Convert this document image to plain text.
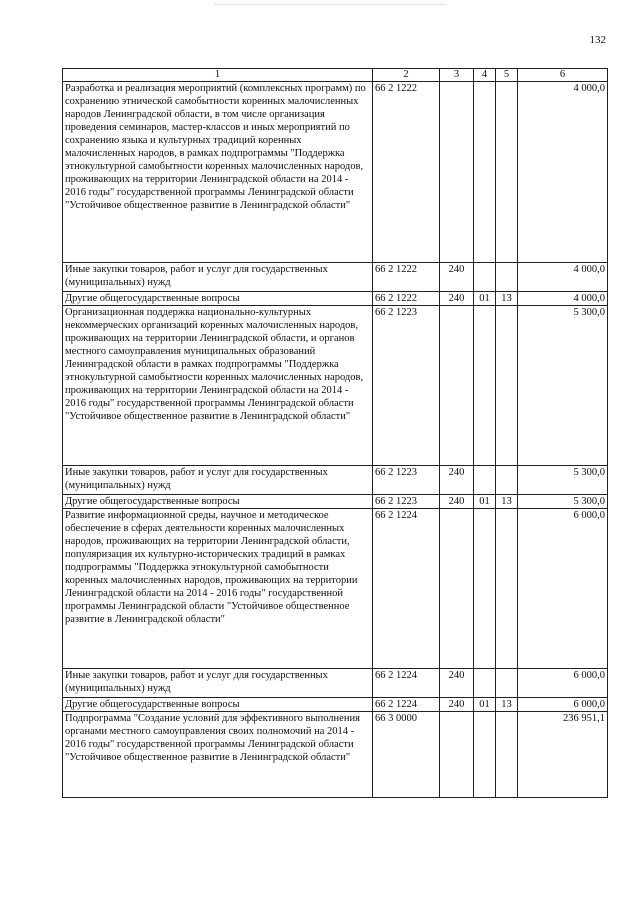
132
1	2	3	4	5	6
Разработка и реализация мероприятий (комплексных программ) по сохранению этнической самобытности коренных малочисленных народов Ленинградской области, в том числе организация проведения семинаров, мастер-классов и иных мероприятий по сохранению языка и культурных традиций коренных малочисленных народов, в рамках подпрограммы "Поддержка этнокультурной самобытности коренных малочисленных народов, проживающих на территории Ленинградской области на 2014 - 2016 годы" государственной программы Ленинградской области "Устойчивое общественное развитие в Ленинградской области"	66 2 1222				4 000,0
Иные закупки товаров, работ и услуг для государственных (муниципальных) нужд	66 2 1222	240			4 000,0
Другие общегосударственные вопросы	66 2 1222	240	01	13	4 000,0
Организационная поддержка национально-культурных некоммерческих организаций коренных малочисленных народов, проживающих на территории Ленинградской области, и органов местного самоуправления муниципальных образований Ленинградской области в рамках подпрограммы "Поддержка этнокультурной самобытности коренных малочисленных народов, проживающих на территории Ленинградской области на 2014 - 2016 годы" государственной программы Ленинградской области "Устойчивое общественное развитие в Ленинградской области"	66 2 1223				5 300,0
Иные закупки товаров, работ и услуг для государственных (муниципальных) нужд	66 2 1223	240			5 300,0
Другие общегосударственные вопросы	66 2 1223	240	01	13	5 300,0
Развитие информационной среды, научное и методическое обеспечение в сферах деятельности коренных малочисленных народов, проживающих на территории Ленинградской области, популяризация их культурно-исторических традиций в рамках подпрограммы "Поддержка этнокультурной самобытности коренных малочисленных народов, проживающих на территории Ленинградской области на 2014 - 2016 годы" государственной программы Ленинградской области "Устойчивое общественное развитие в Ленинградской области"	66 2 1224				6 000,0
Иные закупки товаров, работ и услуг для государственных (муниципальных) нужд	66 2 1224	240			6 000,0
Другие общегосударственные вопросы	66 2 1224	240	01	13	6 000,0
Подпрограмма "Создание условий для эффективного выполнения органами местного самоуправления своих полномочий на 2014 - 2016 годы" государственной программы Ленинградской области "Устойчивое общественное развитие в Ленинградской области"	66 3 0000				236 951,1
